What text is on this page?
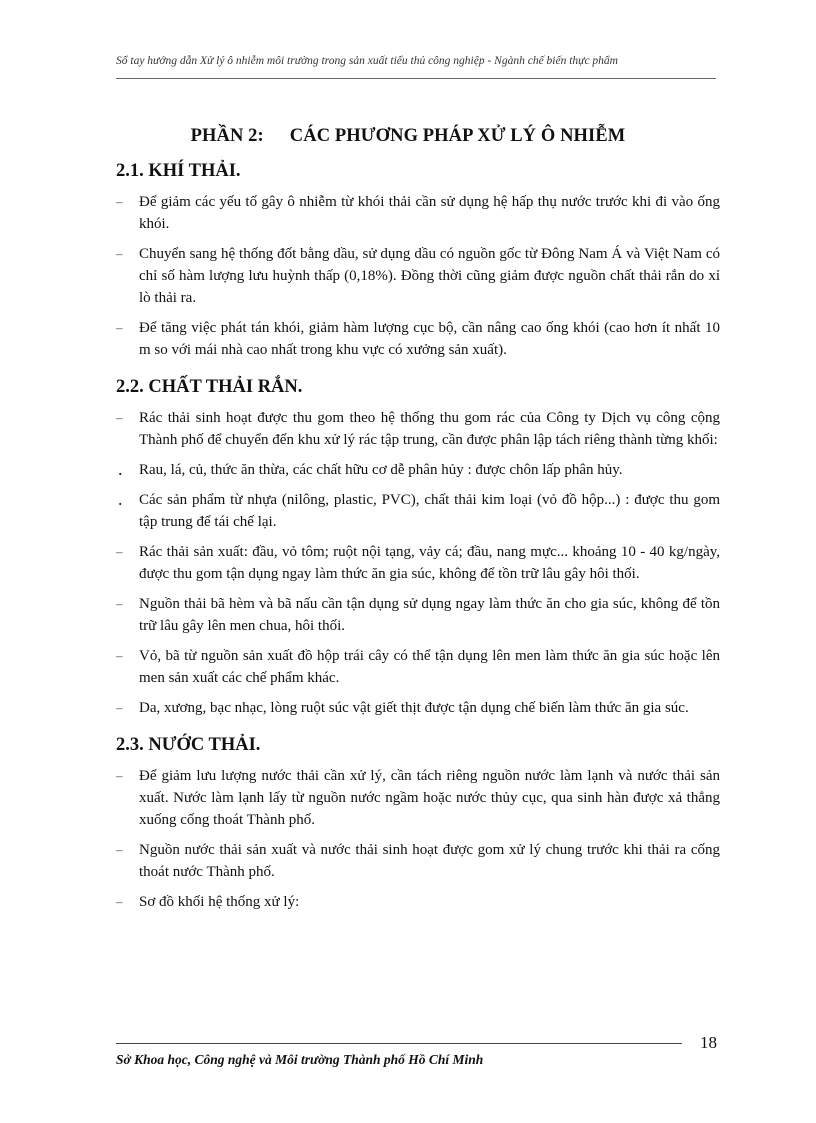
Sổ tay hướng dẫn Xử lý ô nhiễm môi trường trong sản xuất tiểu thủ công nghiệp - Ngành chế biến thực phẩm
PHẦN 2: CÁC PHƯƠNG PHÁP XỬ LÝ Ô NHIỄM
2.1. KHÍ THẢI.
– Để giảm các yếu tố gây ô nhiễm từ khói thải cần sử dụng hệ hấp thụ nước trước khi đi vào ống khói.
– Chuyển sang hệ thống đốt bằng dầu, sử dụng dầu có nguồn gốc từ Đông Nam Á và Việt Nam có chỉ số hàm lượng lưu huỳnh thấp (0,18%). Đồng thời cũng giảm được nguồn chất thải rắn do xỉ lò thải ra.
– Để tăng việc phát tán khói, giảm hàm lượng cục bộ, cần nâng cao ống khói (cao hơn ít nhất 10 m so với mái nhà cao nhất trong khu vực có xưởng sản xuất).
2.2. CHẤT THẢI RẮN.
– Rác thải sinh hoạt được thu gom theo hệ thống thu gom rác của Công ty Dịch vụ công cộng Thành phố để chuyển đến khu xử lý rác tập trung, cần được phân lập tách riêng thành từng khối:
. Rau, lá, củ, thức ăn thừa, các chất hữu cơ dễ phân hủy : được chôn lấp phân hủy.
. Các sản phẩm từ nhựa (nilông, plastic, PVC), chất thải kim loại (vỏ đồ hộp...) : được thu gom tập trung để tái chế lại.
– Rác thải sản xuất: đầu, vỏ tôm; ruột nội tạng, vảy cá; đầu, nang mực... khoảng 10 - 40 kg/ngày, được thu gom tận dụng ngay làm thức ăn gia súc, không để tồn trữ lâu gây hôi thối.
– Nguồn thải bã hèm và bã nấu cần tận dụng sử dụng ngay làm thức ăn cho gia súc, không để tồn trữ lâu gây lên men chua, hôi thối.
– Vỏ, bã từ nguồn sản xuất đồ hộp trái cây có thể tận dụng lên men làm thức ăn gia súc hoặc lên men sản xuất các chế phẩm khác.
– Da, xương, bạc nhạc, lòng ruột súc vật giết thịt được tận dụng chế biến làm thức ăn gia súc.
2.3. NƯỚC THẢI.
– Để giảm lưu lượng nước thải cần xử lý, cần tách riêng nguồn nước làm lạnh và nước thải sản xuất. Nước làm lạnh lấy từ nguồn nước ngầm hoặc nước thủy cục, qua sinh hàn được xả thẳng xuống cống thoát Thành phố.
– Nguồn nước thải sản xuất và nước thải sinh hoạt được gom xử lý chung trước khi thải ra cống thoát nước Thành phố.
– Sơ đồ khối hệ thống xử lý:
18
Sở Khoa học, Công nghệ và Môi trường Thành phố Hồ Chí Minh
